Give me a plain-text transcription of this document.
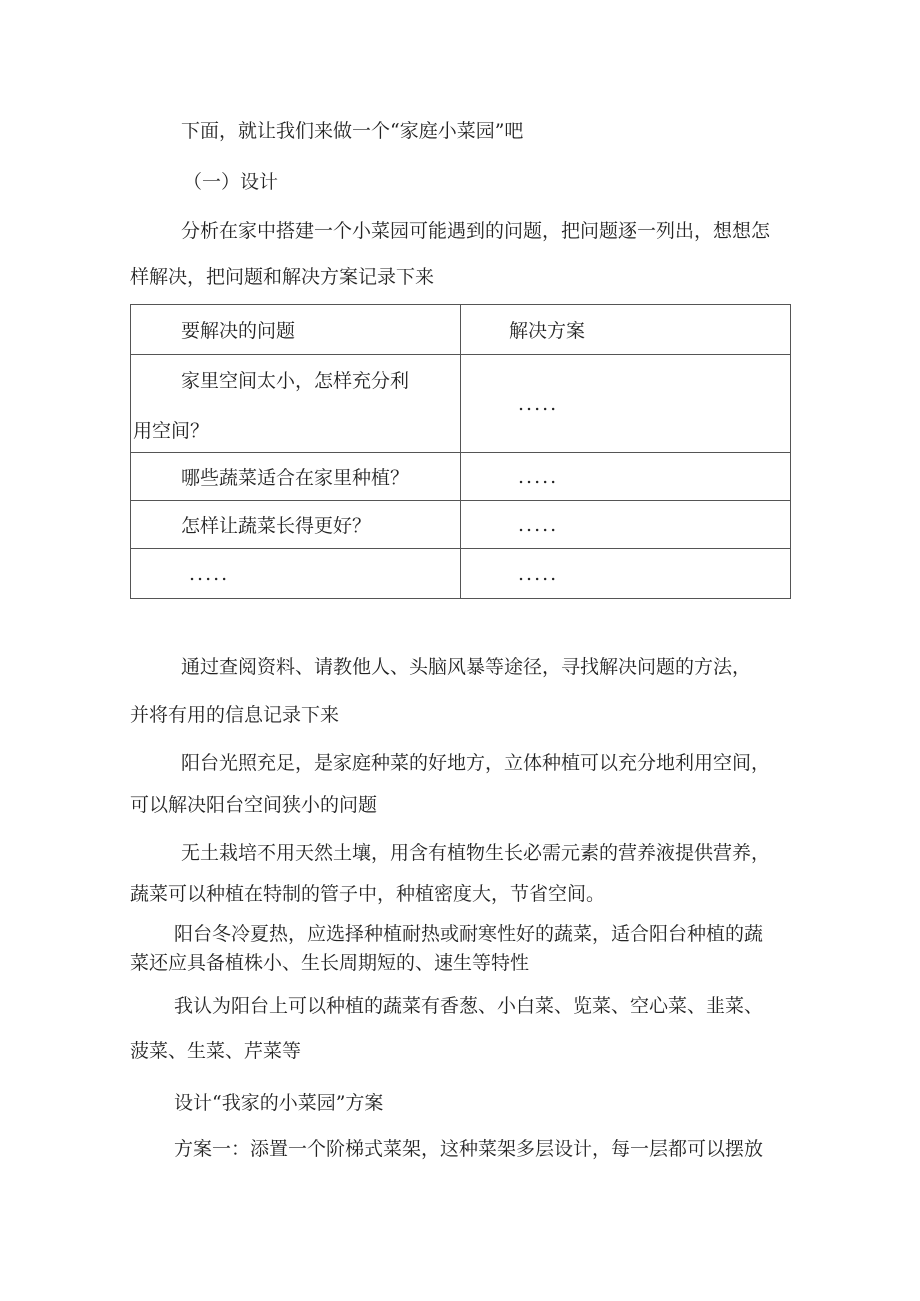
下面，就让我们来做一个“家庭小菜园”吧
（一）设计
分析在家中搭建一个小菜园可能遇到的问题，把问题逐一列出，想想怎
样解决，把问题和解决方案记录下来
要解决的问题	解决方案

家里空间太小，怎样充分利
用空间？	.....
哪些蔬菜适合在家里种植？	.....
怎样让蔬菜长得更好？	.....
.....	.....
通过查阅资料、请教他人、头脑风暴等途径，寻找解决问题的方法，
并将有用的信息记录下来
阳台光照充足，是家庭种菜的好地方，立体种植可以充分地利用空间，
可以解决阳台空间狭小的问题
无土栽培不用天然土壤，用含有植物生长必需元素的营养液提供营养，
蔬菜可以种植在特制的管子中，种植密度大，节省空间。
阳台冬冷夏热，应选择种植耐热或耐寒性好的蔬菜，适合阳台种植的蔬
菜还应具备植株小、生长周期短的、速生等特性
我认为阳台上可以种植的蔬菜有香葱、小白菜、览菜、空心菜、韭菜、
菠菜、生菜、芹菜等
设计“我家的小菜园”方案
方案一：添置一个阶梯式菜架，这种菜架多层设计，每一层都可以摆放
